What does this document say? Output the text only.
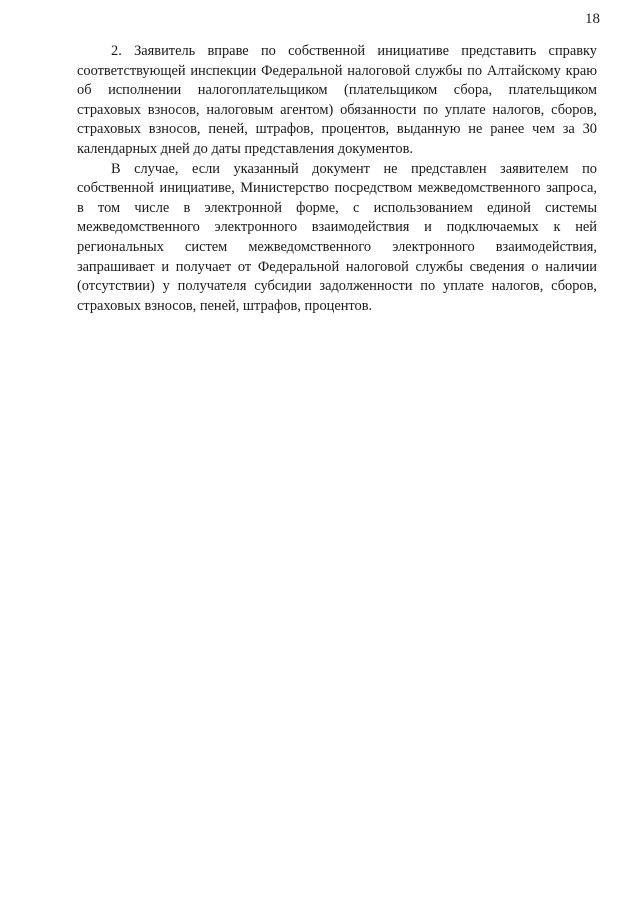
18

2. Заявитель вправе по собственной инициативе представить справку соответствующей инспекции Федеральной налоговой службы по Алтайскому краю об исполнении налогоплательщиком (плательщиком сбора, плательщиком страховых взносов, налоговым агентом) обязанности по уплате налогов, сборов, страховых взносов, пеней, штрафов, процентов, выданную не ранее чем за 30 календарных дней до даты представления документов.

В случае, если указанный документ не представлен заявителем по собственной инициативе, Министерство посредством межведомственного запроса, в том числе в электронной форме, с использованием единой системы межведомственного электронного взаимодействия и подключаемых к ней региональных систем межведомственного электронного взаимодействия, запрашивает и получает от Федеральной налоговой службы сведения о наличии (отсутствии) у получателя субсидии задолженности по уплате налогов, сборов, страховых взносов, пеней, штрафов, процентов.
